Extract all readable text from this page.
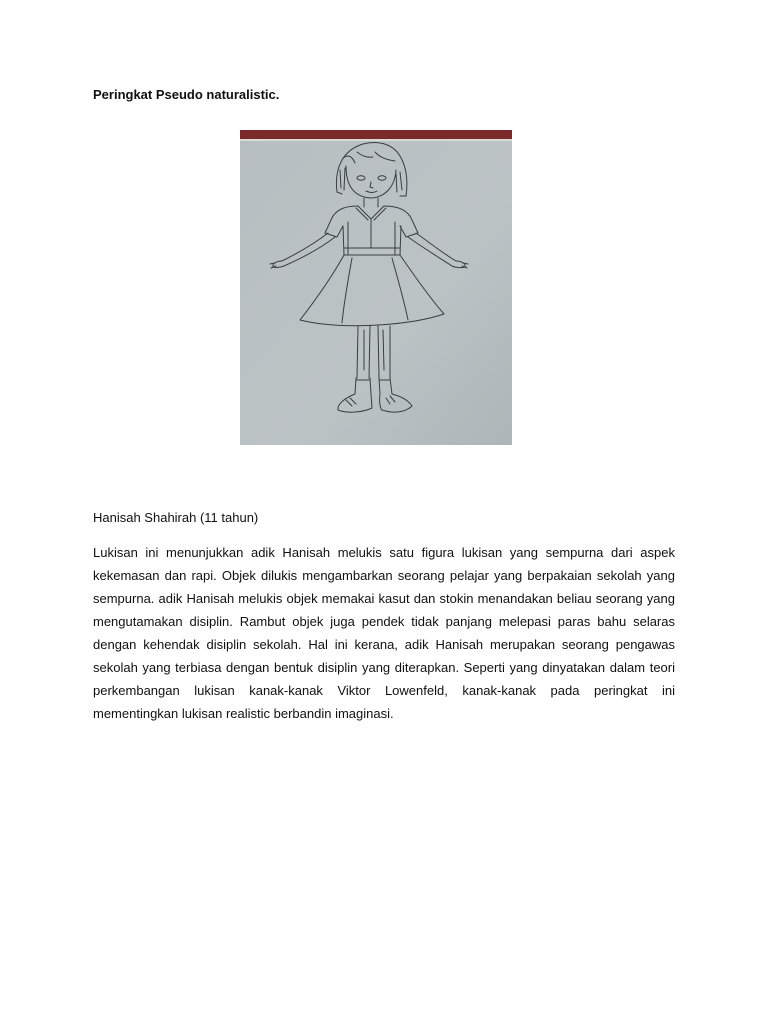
Peringkat Pseudo naturalistic.

Hanisah Shahirah (11 tahun)

Lukisan ini menunjukkan adik Hanisah melukis satu figura lukisan yang sempurna dari aspek kekemasan dan rapi. Objek dilukis mengambarkan seorang pelajar yang berpakaian sekolah yang sempurna. adik Hanisah melukis objek memakai kasut dan stokin menandakan beliau seorang yang mengutamakan disiplin. Rambut objek juga pendek tidak panjang melepasi paras bahu selaras dengan kehendak disiplin sekolah. Hal ini kerana, adik Hanisah merupakan seorang pengawas sekolah yang terbiasa dengan bentuk disiplin yang diterapkan. Seperti yang dinyatakan dalam teori perkembangan lukisan kanak-kanak Viktor Lowenfeld, kanak-kanak pada peringkat ini mementingkan lukisan realistic berbandin imaginasi.
